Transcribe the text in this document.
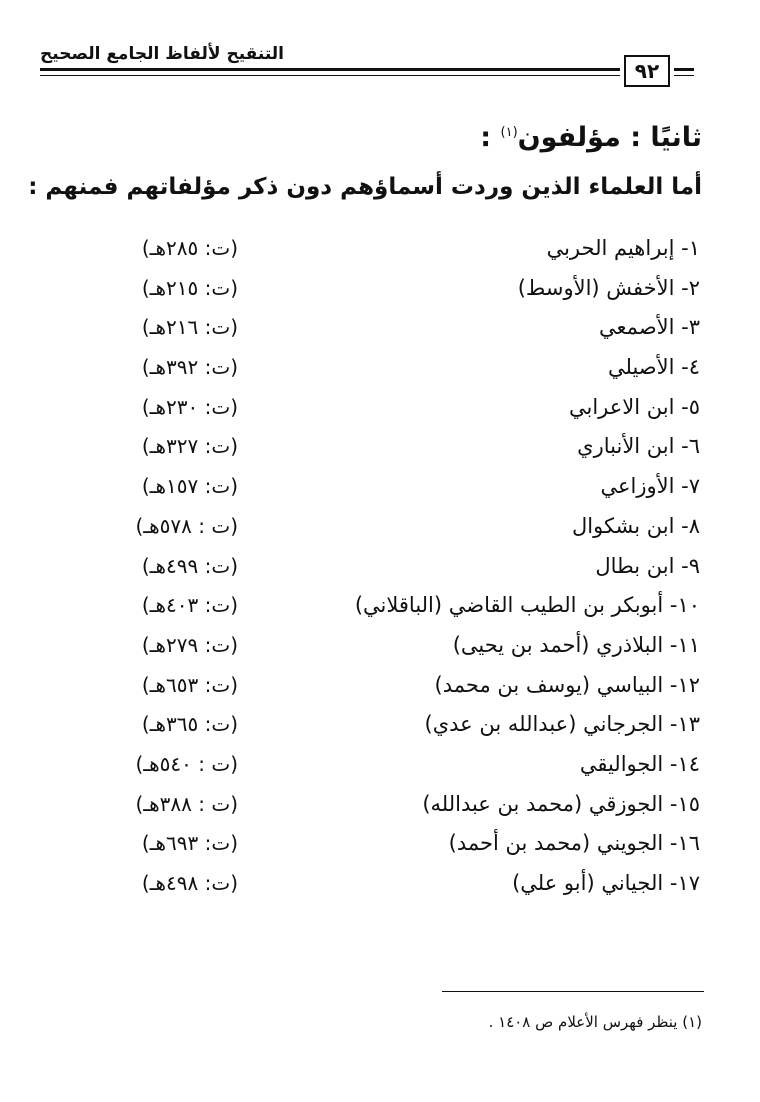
التنقيح لألفاظ الجامع الصحيح
٩٢
ثانيًا : مؤلفون$^{(١)}$ :
أما العلماء الذين وردت أسماؤهم دون ذكر مؤلفاتهم فمنهم :
١- إبراهيم الحربي
(ت: ٢٨٥هـ)
٢- الأخفش (الأوسط)
(ت: ٢١٥هـ)
٣- الأصمعي
(ت: ٢١٦هـ)
٤- الأصيلي
(ت: ٣٩٢هـ)
٥- ابن الاعرابي
(ت: ٢٣٠هـ)
٦- ابن الأنباري
(ت: ٣٢٧هـ)
٧- الأوزاعي
(ت: ١٥٧هـ)
٨- ابن بشكوال
(ت : ٥٧٨هـ)
٩- ابن بطال
(ت: ٤٩٩هـ)
١٠- أبوبكر بن الطيب القاضي (الباقلاني)
(ت: ٤٠٣هـ)
١١- البلاذري (أحمد بن يحيى)
(ت: ٢٧٩هـ)
١٢- البياسي (يوسف بن محمد)
(ت: ٦٥٣هـ)
١٣- الجرجاني (عبدالله بن عدي)
(ت: ٣٦٥هـ)
١٤- الجواليقي
(ت : ٥٤٠هـ)
١٥- الجوزقي (محمد بن عبدالله)
(ت : ٣٨٨هـ)
١٦- الجويني (محمد بن أحمد)
(ت: ٦٩٣هـ)
١٧- الجياني (أبو علي)
(ت: ٤٩٨هـ)
(١) ينظر فهرس الأعلام ص ١٤٠٨ .
